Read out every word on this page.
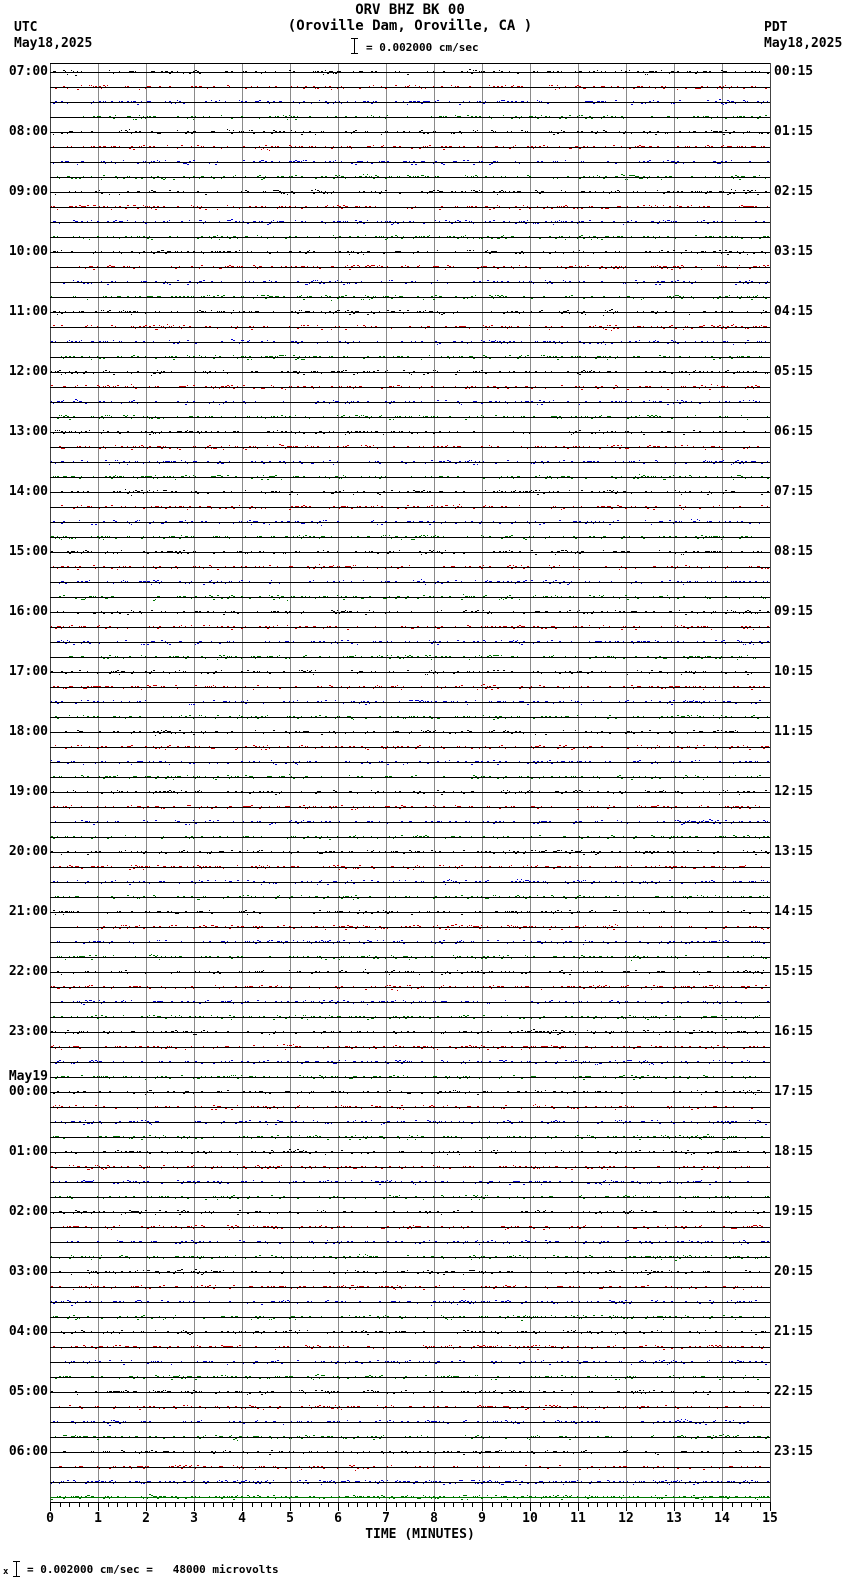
ORV BHZ BK 00
(Oroville Dam, Oroville, CA )
UTC
May18,2025
PDT
May18,2025
= 0.002000 cm/sec
07:00
08:00
09:00
10:00
11:00
12:00
13:00
14:00
15:00
16:00
17:00
18:00
19:00
20:00
21:00
22:00
23:00
May19
00:00
01:00
02:00
03:00
04:00
05:00
06:00
00:15
01:15
02:15
03:15
04:15
05:15
06:15
07:15
08:15
09:15
10:15
11:15
12:15
13:15
14:15
15:15
16:15
17:15
18:15
19:15
20:15
21:15
22:15
23:15
0	1	2	3	4	5	6	7	8	9	10	11	12	13	14	15
TIME (MINUTES)
x = 0.002000 cm/sec =   48000 microvolts
